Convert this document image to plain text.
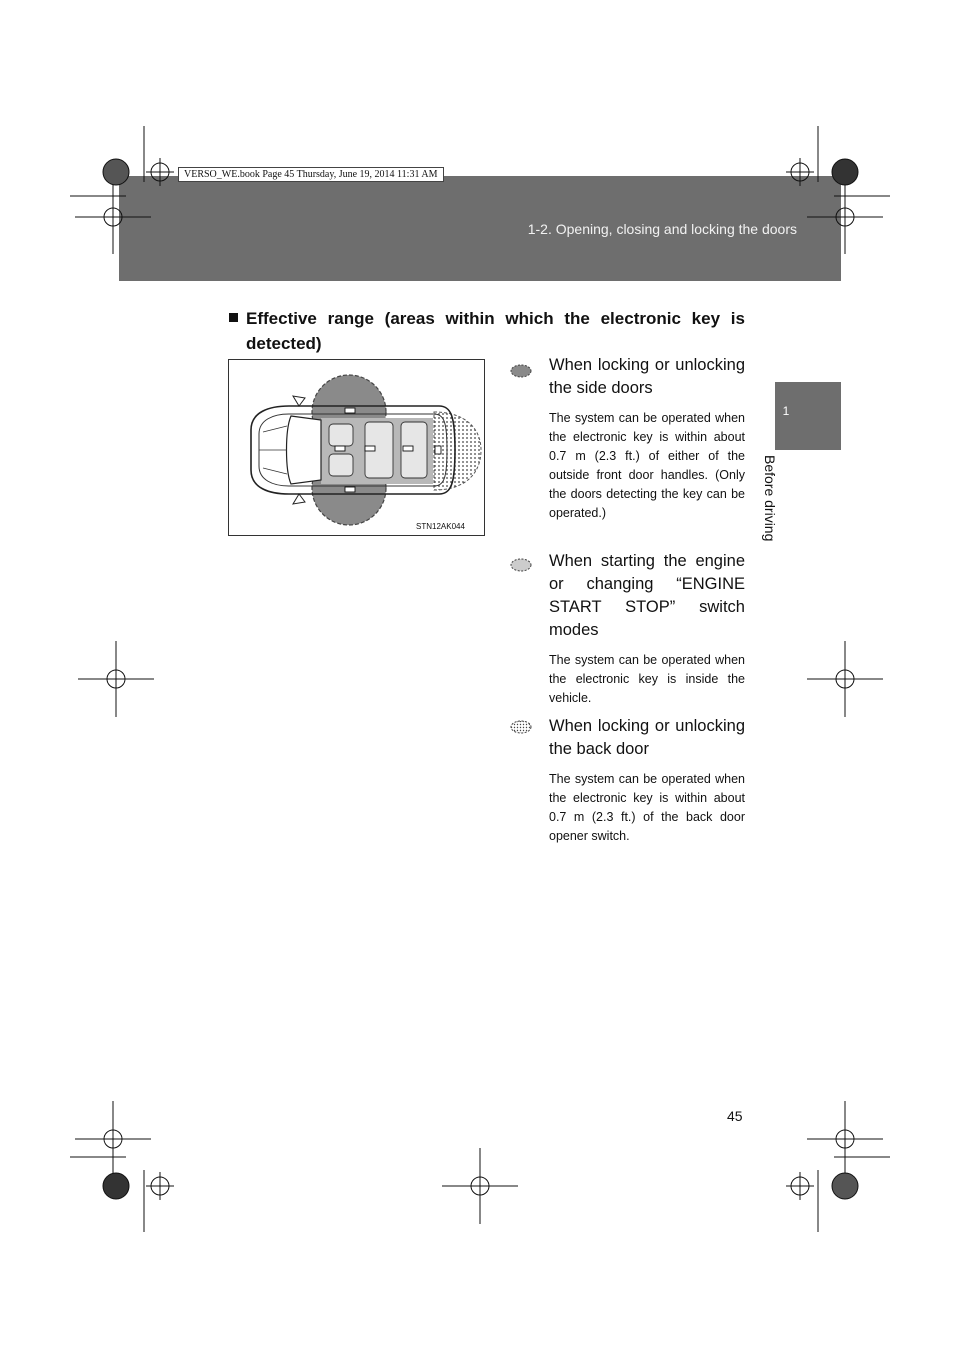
1-2. Opening, closing and locking the doors
VERSO_WE.book Page 45 Thursday, June 19, 2014 11:31 AM
1
Before driving
Effective range (areas within which the electronic key is detected)
STN12AK044
When locking or unlocking the side doors
The system can be operated when the electronic key is within about 0.7 m (2.3 ft.) of either of the outside front door handles. (Only the doors detecting the key can be operated.)
When starting the engine or changing “ENGINE START STOP” switch modes
The system can be operated when the electronic key is inside the vehicle.
When locking or unlocking the back door
The system can be operated when the electronic key is within about 0.7 m (2.3 ft.) of the back door opener switch.
45
